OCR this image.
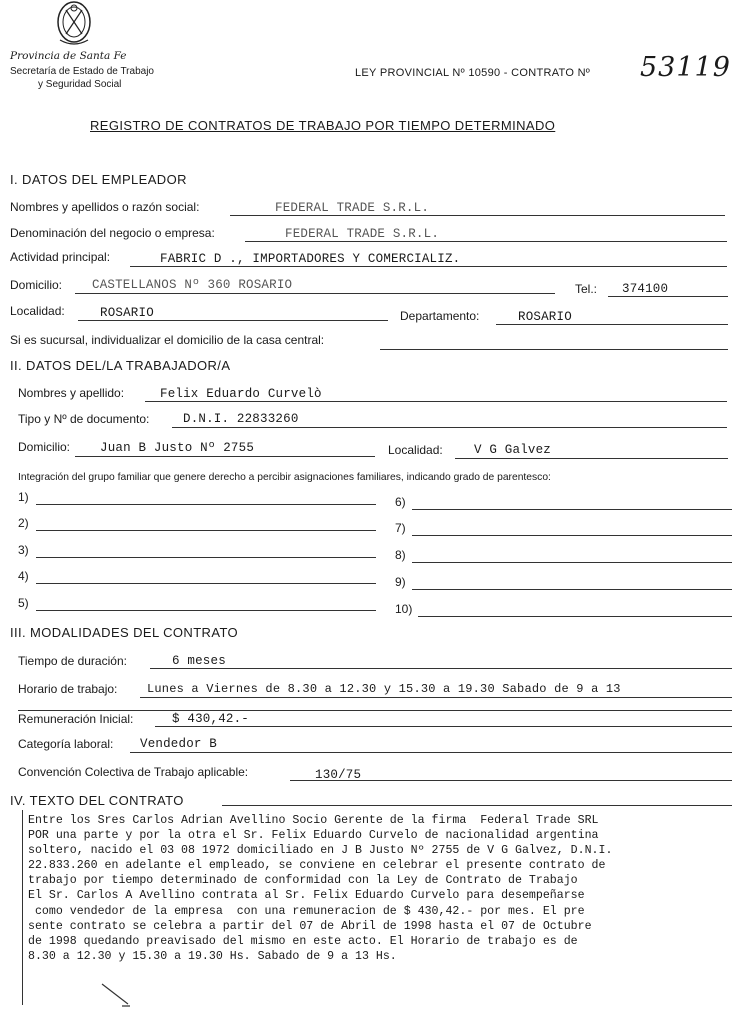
Provincia de Santa Fe
Secretaría de Estado de Trabajo
y Seguridad Social
LEY PROVINCIAL Nº 10590 - CONTRATO Nº 53119
REGISTRO DE CONTRATOS DE TRABAJO POR TIEMPO DETERMINADO
I. DATOS DEL EMPLEADOR
Nombres y apellidos o razón social:	FEDERAL TRADE S.R.L.
Denominación del negocio o empresa:	FEDERAL TRADE S.R.L.
Actividad principal:	FABRIC D ., IMPORTADORES Y COMERCIALIZ.
Domicilio: CASTELLANOS Nº 360 ROSARIO	Tel.: 374100
Localidad:	ROSARIO	Departamento:	ROSARIO
Si es sucursal, individualizar el domicilio de la casa central:
II. DATOS DEL/LA TRABAJADOR/A
Nombres y apellido:	Felix Eduardo Curvelò
Tipo y Nº de documento:	D.N.I. 22833260
Domicilio: Juan B Justo Nº 2755	Localidad:	V G Galvez
Integración del grupo familiar que genere derecho a percibir asignaciones familiares, indicando grado de parentesco:
1)
2)
3)
4)
5)
6)
7)
8)
9)
10)
III. MODALIDADES DEL CONTRATO
Tiempo de duración:	6 meses
Horario de trabajo: Lunes a Viernes de 8.30 a 12.30 y 15.30 a 19.30 Sabado de 9 a 13
Remuneración Inicial:	$ 430,42.-
Categoría laboral: Vendedor B
Convención Colectiva de Trabajo aplicable:	130/75
IV. TEXTO DEL CONTRATO
Entre los Sres Carlos Adrian Avellino Socio Gerente de la firma  Federal Trade SRL
POR una parte y por la otra el Sr. Felix Eduardo Curvelo de nacionalidad argentina
soltero, nacido el 03 08 1972 domiciliado en J B Justo Nº 2755 de V G Galvez, D.N.I.
22.833.260 en adelante el empleado, se conviene en celebrar el presente contrato de
trabajo por tiempo determinado de conformidad con la Ley de Contrato de Trabajo
El Sr. Carlos A Avellino contrata al Sr. Felix Eduardo Curvelo para desempeñarse
como vendedor de la empresa  con una remuneracion de $ 430,42.- por mes. El pre
sente contrato se celebra a partir del 07 de Abril de 1998 hasta el 07 de Octubre
de 1998 quedando preavisado del mismo en este acto. El Horario de trabajo es de
8.30 a 12.30 y 15.30 a 19.30 Hs. Sabado de 9 a 13 Hs.
